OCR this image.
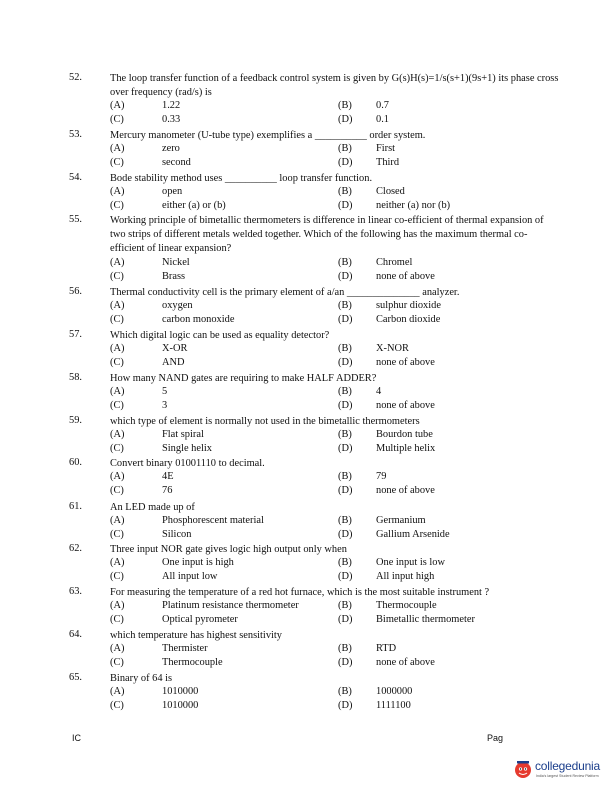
52.	The loop transfer function of a feedback control system is given by G(s)H(s)=1/s(s+1)(9s+1) its phase cross over frequency (rad/s) is
(A)	1.22	(B) 0.7
(C)	0.33	(D) 0.1
53.	Mercury manometer (U-tube type) exemplifies a __________ order system.
(A)	zero	(B) First
(C)	second	(D) Third
54.	Bode stability method uses __________ loop transfer function.
(A)	open	(B) Closed
(C)	either (a) or (b)	(D) neither (a) nor (b)
55.	Working principle of bimetallic thermometers is difference in linear co-efficient of thermal expansion of two strips of different metals welded together. Which of the following has the maximum thermal co-efficient of linear expansion?
(A)	Nickel	(B) Chromel
(C)	Brass	(D) none of above
56.	Thermal conductivity cell is the primary element of a/an ______________ analyzer.
(A)	oxygen	(B) sulphur dioxide
(C)	carbon monoxide	(D) Carbon dioxide
57.	Which digital logic can be used as equality detector?
(A)	X-OR	(B) X-NOR
(C)	AND	(D) none of above
58.	How many NAND gates are requiring to make HALF ADDER?
(A)	5	(B) 4
(C)	3	(D) none of above
59.	which type of element is normally not used in the bimetallic thermometers
(A)	Flat spiral	(B) Bourdon tube
(C)	Single helix	(D) Multiple helix
60.	Convert binary 01001110 to decimal.
(A)	4E	(B) 79
(C)	76	(D) none of above
61.	An LED made up of
(A)	Phosphorescent material	(B) Germanium
(C)	Silicon	(D) Gallium Arsenide
62.	Three input NOR gate gives logic high output only when
(A)	One input is high	(B) One input is low
(C)	All input low	(D) All input high
63.	For measuring the temperature of a red hot furnace, which is the most suitable instrument ?
(A)	Platinum resistance thermometer	(B) Thermocouple
(C)	Optical pyrometer	(D) Bimetallic thermometer
64.	which temperature has highest sensitivity
(A)	Thermister	(B) RTD
(C)	Thermocouple	(D) none of above
65.	Binary of 64 is
(A)	1010000	(B) 1000000
(C)	1010000	(D) 1111100
IC	Pag
collegedunia
India's largest Student Review Platform
